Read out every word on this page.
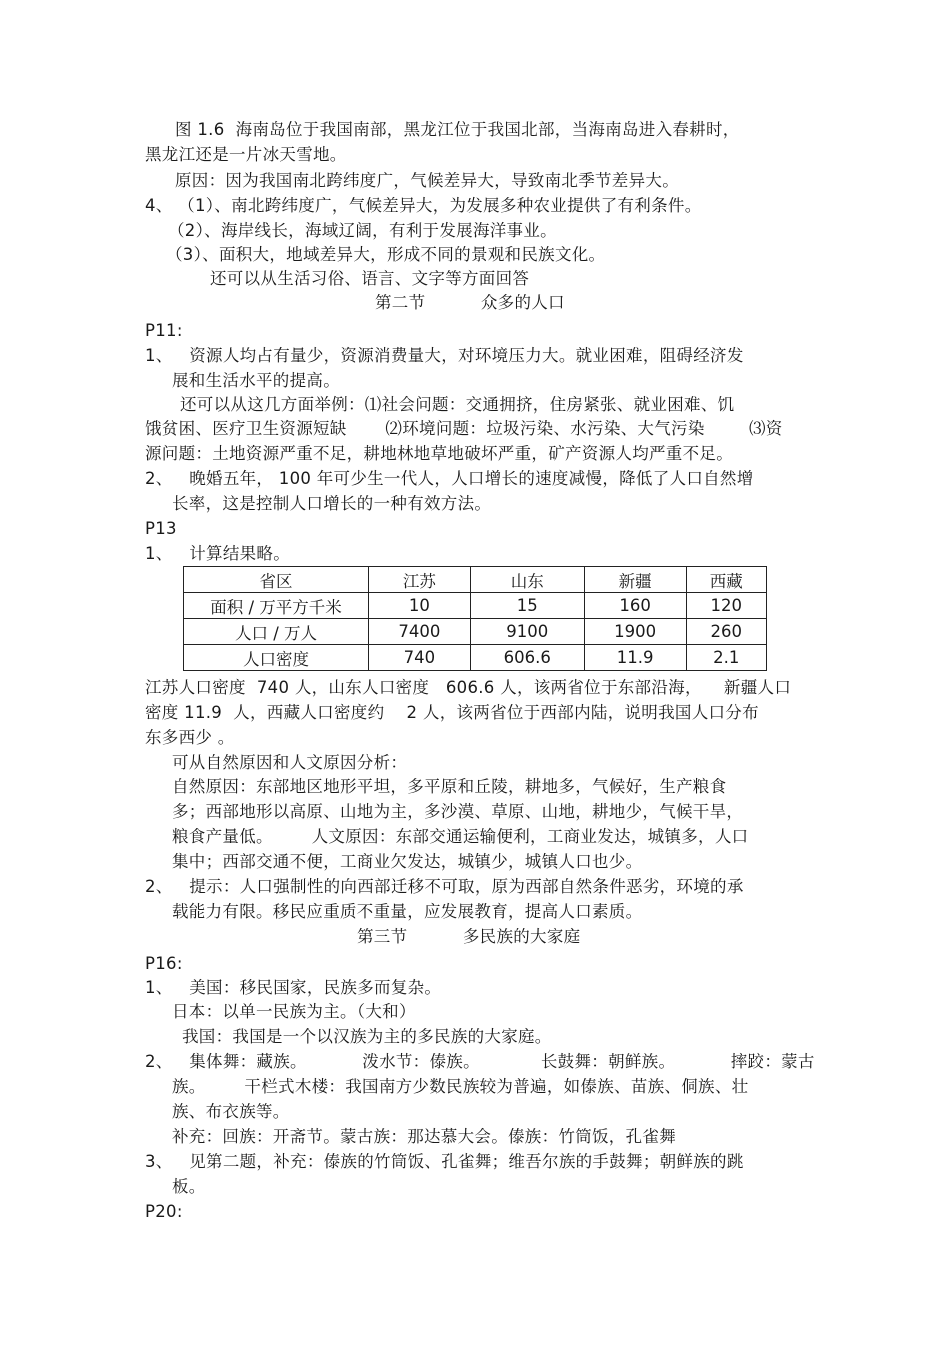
图 1.6  海南岛位于我国南部，黑龙江位于我国北部，当海南岛进入春耕时，
黑龙江还是一片冰天雪地。
原因：因为我国南北跨纬度广，气候差异大，导致南北季节差异大。
4、 （1）、南北跨纬度广，气候差异大，为发展多种农业提供了有利条件。
（2）、海岸线长，海域辽阔，有利于发展海洋事业。
（3）、面积大，地域差异大，形成不同的景观和民族文化。
还可以从生活习俗、语言、文字等方面回答
第二节          众多的人口
P11:
1、   资源人均占有量少，资源消费量大，对环境压力大。就业困难，阻碍经济发
展和生活水平的提高。
还可以从这几方面举例：⑴社会问题：交通拥挤，住房紧张、就业困难、饥
饿贫困、医疗卫生资源短缺       ⑵环境问题：垃圾污染、水污染、大气污染        ⑶资
源问题：土地资源严重不足，耕地林地草地破坏严重，矿产资源人均严重不足。
2、   晚婚五年， 100 年可少生一代人，人口增长的速度减慢，降低了人口自然增
长率，这是控制人口增长的一种有效方法。
P13
1、   计算结果略。
省区	江苏	山东	新疆	西藏
面积 / 万平方千米	10	15	160	120
人口 / 万人	7400	9100	1900	260
人口密度	740	606.6	11.9	2.1
江苏人口密度  740 人，山东人口密度   606.6 人，该两省位于东部沿海，    新疆人口
密度 11.9  人，西藏人口密度约    2 人，该两省位于西部内陆，说明我国人口分布
东多西少 。
可从自然原因和人文原因分析：
自然原因：东部地区地形平坦，多平原和丘陵，耕地多，气候好，生产粮食
多；西部地形以高原、山地为主，多沙漠、草原、山地，耕地少，气候干旱，
粮食产量低。       人文原因：东部交通运输便利，工商业发达，城镇多，人口
集中；西部交通不便，工商业欠发达，城镇少，城镇人口也少。
2、   提示：人口强制性的向西部迁移不可取，原为西部自然条件恶劣，环境的承
载能力有限。移民应重质不重量，应发展教育，提高人口素质。
第三节          多民族的大家庭
P16:
1、   美国：移民国家，民族多而复杂。
日本：以单一民族为主。（大和）
我国：我国是一个以汉族为主的多民族的大家庭。
2、   集体舞：藏族。          泼水节：傣族。           长鼓舞：朝鲜族。          摔跤：蒙古
族。       干栏式木楼：我国南方少数民族较为普遍，如傣族、苗族、侗族、壮
族、布衣族等。
补充：回族：开斋节。蒙古族：那达慕大会。傣族：竹筒饭，孔雀舞
3、   见第二题，补充：傣族的竹筒饭、孔雀舞；维吾尔族的手鼓舞；朝鲜族的跳
板。
P20:
